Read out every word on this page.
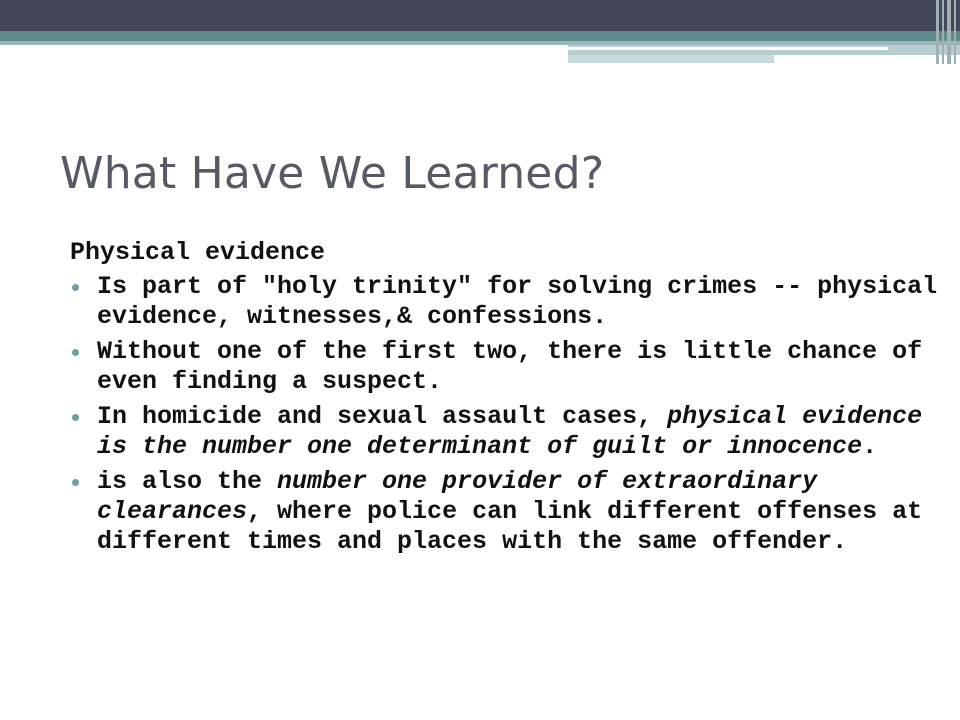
What Have We Learned?

Physical evidence

Is part of "holy trinity" for solving crimes -- physical evidence, witnesses,& confessions.
Without one of the first two, there is little chance of even finding a suspect.
In homicide and sexual assault cases, physical evidence is the number one determinant of guilt or innocence.
is also the number one provider of extraordinary clearances, where police can link different offenses at different times and places with the same offender.
